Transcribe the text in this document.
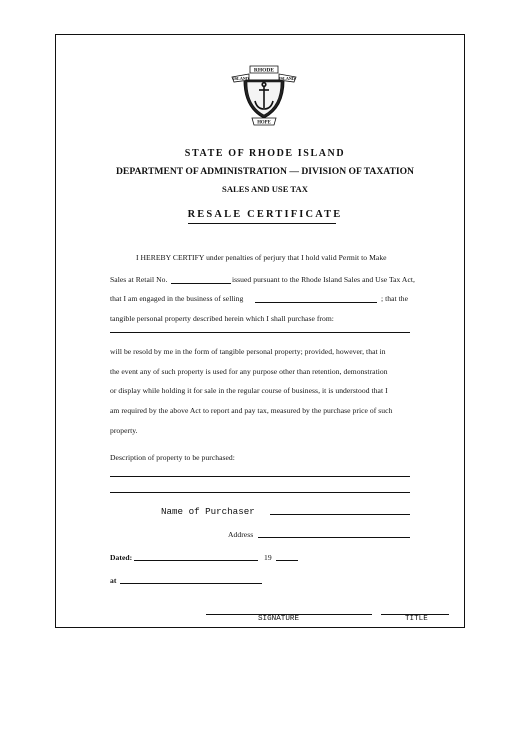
RHODE
ISLAND	ISLAND
HOPE
STATE OF RHODE ISLAND
DEPARTMENT OF ADMINISTRATION — DIVISION OF TAXATION
SALES AND USE TAX
RESALE CERTIFICATE
I HEREBY CERTIFY under penalties of perjury that I hold valid Permit to Make
Sales at Retail No.	issued pursuant to the Rhode Island Sales and Use Tax Act,
that I am engaged in the business of selling	; that the
tangible personal property described herein which I shall purchase from:
will be resold by me in the form of tangible personal property; provided, however, that in
the event any of such property is used for any purpose other than retention, demonstration
or display while holding it for sale in the regular course of business, it is understood that I
am required by the above Act to report and pay tax, measured by the purchase price of such
property.
Description of property to be purchased:
Name of Purchaser
Address
Dated:	19
at
SIGNATURE	TITLE
